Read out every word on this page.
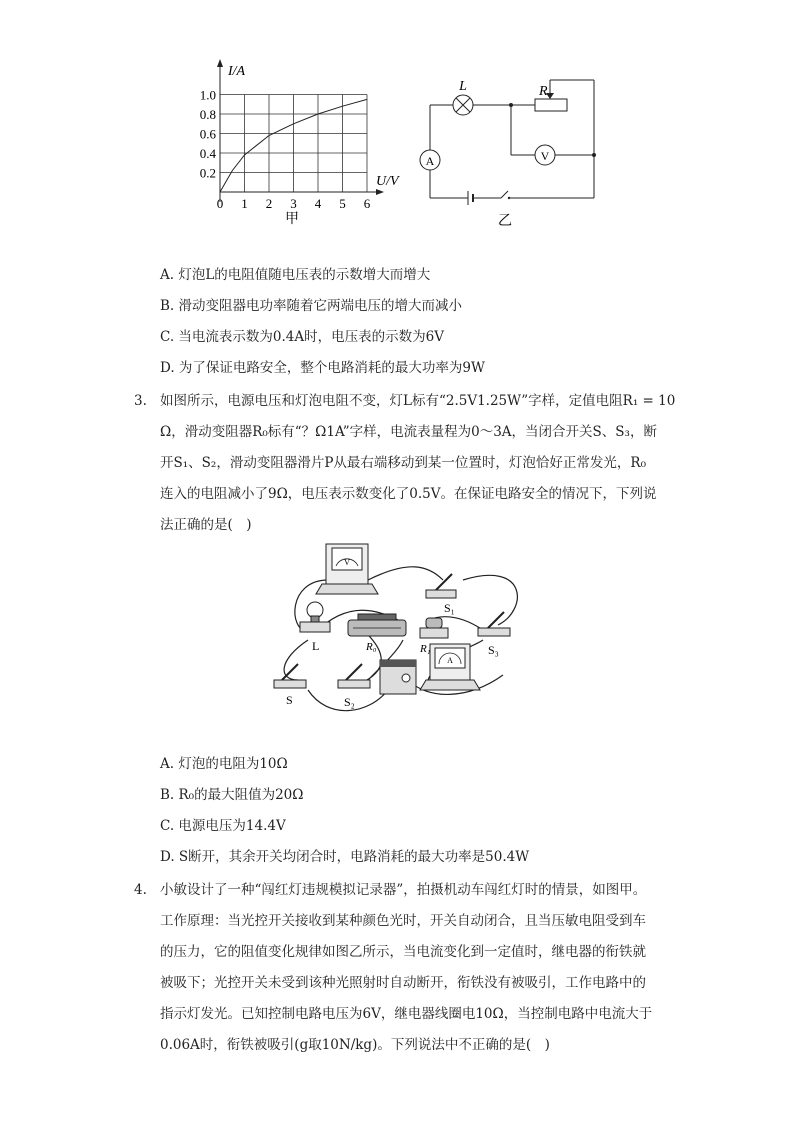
I/A
U/V
1.0
0.8
0.6
0.4
0.2
0 1 2 3 4 5 6
甲
L	R
A	V
乙
A. 灯泡L的电阻值随电压表的示数增大而增大
B. 滑动变阻器电功率随着它两端电压的增大而减小
C. 当电流表示数为0.4A时，电压表的示数为6V
D. 为了保证电路安全，整个电路消耗的最大功率为9W
3. 如图所示，电源电压和灯泡电阻不变，灯L标有“2.5V1.25W”字样，定值电阻R₁ = 10
Ω，滑动变阻器R₀标有“？Ω1A”字样，电流表量程为0～3A，当闭合开关S、S₃，断
开S₁、S₂，滑动变阻器滑片P从最右端移动到某一位置时，灯泡恰好正常发光，R₀
连入的电阻减小了9Ω，电压表示数变化了0.5V。在保证电路安全的情况下，下列说
法正确的是(　)
V
A
S₁
L	R₀	R₁	S₃
S	S₂
A. 灯泡的电阻为10Ω
B. R₀的最大阻值为20Ω
C. 电源电压为14.4V
D. S断开，其余开关均闭合时，电路消耗的最大功率是50.4W
4. 小敏设计了一种“闯红灯违规模拟记录器”，拍摄机动车闯红灯时的情景，如图甲。
工作原理：当光控开关接收到某种颜色光时，开关自动闭合，且当压敏电阻受到车
的压力，它的阻值变化规律如图乙所示，当电流变化到一定值时，继电器的衔铁就
被吸下；光控开关未受到该种光照射时自动断开，衔铁没有被吸引，工作电路中的
指示灯发光。已知控制电路电压为6V，继电器线圈电10Ω，当控制电路中电流大于
0.06A时，衔铁被吸引(g取10N/kg)。下列说法中不正确的是(　)
